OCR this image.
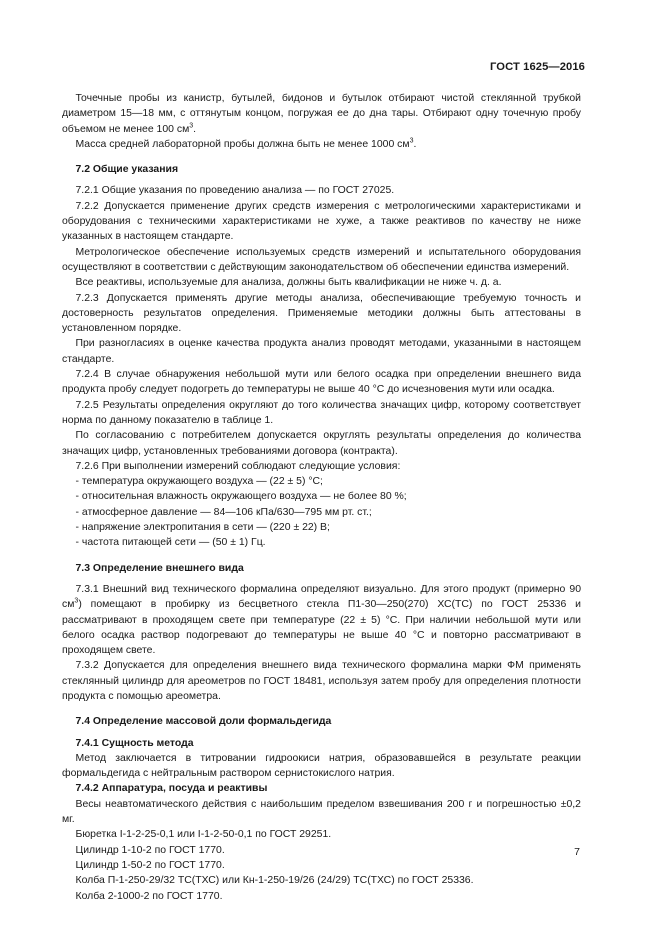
ГОСТ 1625—2016

Точечные пробы из канистр, бутылей, бидонов и бутылок отбирают чистой стеклянной трубкой диаметром 15—18 мм, с оттянутым концом, погружая ее до дна тары. Отбирают одну точечную пробу объемом не менее 100 $см^3$.

Масса средней лабораторной пробы должна быть не менее 1000 $см^3$.

7.2 Общие указания

7.2.1 Общие указания по проведению анализа — по ГОСТ 27025.

7.2.2 Допускается применение других средств измерения с метрологическими характеристиками и оборудования с техническими характеристиками не хуже, а также реактивов по качеству не ниже указанных в настоящем стандарте.

Метрологическое обеспечение используемых средств измерений и испытательного оборудования осуществляют в соответствии с действующим законодательством об обеспечении единства измерений.

Все реактивы, используемые для анализа, должны быть квалификации не ниже ч. д. а.

7.2.3 Допускается применять другие методы анализа, обеспечивающие требуемую точность и достоверность результатов определения. Применяемые методики должны быть аттестованы в установленном порядке.

При разногласиях в оценке качества продукта анализ проводят методами, указанными в настоящем стандарте.

7.2.4 В случае обнаружения небольшой мути или белого осадка при определении внешнего вида продукта пробу следует подогреть до температуры не выше 40 °С до исчезновения мути или осадка.

7.2.5 Результаты определения округляют до того количества значащих цифр, которому соответствует норма по данному показателю в таблице 1.

По согласованию с потребителем допускается округлять результаты определения до количества значащих цифр, установленных требованиями договора (контракта).

7.2.6 При выполнении измерений соблюдают следующие условия:

- температура окружающего воздуха — (22 ± 5) °С;

- относительная влажность окружающего воздуха — не более 80 %;

- атмосферное давление — 84—106 кПа/630—795 мм рт. ст.;

- напряжение электропитания в сети — (220 ± 22) В;

- частота питающей сети — (50 ± 1) Гц.

7.3 Определение внешнего вида

7.3.1 Внешний вид технического формалина определяют визуально. Для этого продукт (примерно 90 $см^3$) помещают в пробирку из бесцветного стекла П1-30—250(270) ХС(ТС) по ГОСТ 25336 и рассматривают в проходящем свете при температуре (22 ± 5) °С. При наличии небольшой мути или белого осадка раствор подогревают до температуры не выше 40 °С и повторно рассматривают в проходящем свете.

7.3.2 Допускается для определения внешнего вида технического формалина марки ФМ применять стеклянный цилиндр для ареометров по ГОСТ 18481, используя затем пробу для определения плотности продукта с помощью ареометра.

7.4 Определение массовой доли формальдегида

7.4.1 Сущность метода

Метод заключается в титровании гидроокиси натрия, образовавшейся в результате реакции формальдегида с нейтральным раствором сернистокислого натрия.

7.4.2 Аппаратура, посуда и реактивы

Весы неавтоматического действия с наибольшим пределом взвешивания 200 г и погрешностью ±0,2 мг.

Бюретка I-1-2-25-0,1 или I-1-2-50-0,1 по ГОСТ 29251.

Цилиндр 1-10-2 по ГОСТ 1770.

Цилиндр 1-50-2 по ГОСТ 1770.

Колба П-1-250-29/32 ТС(ТХС) или Кн-1-250-19/26 (24/29) ТС(ТХС) по ГОСТ 25336.

Колба 2-1000-2 по ГОСТ 1770.

7
